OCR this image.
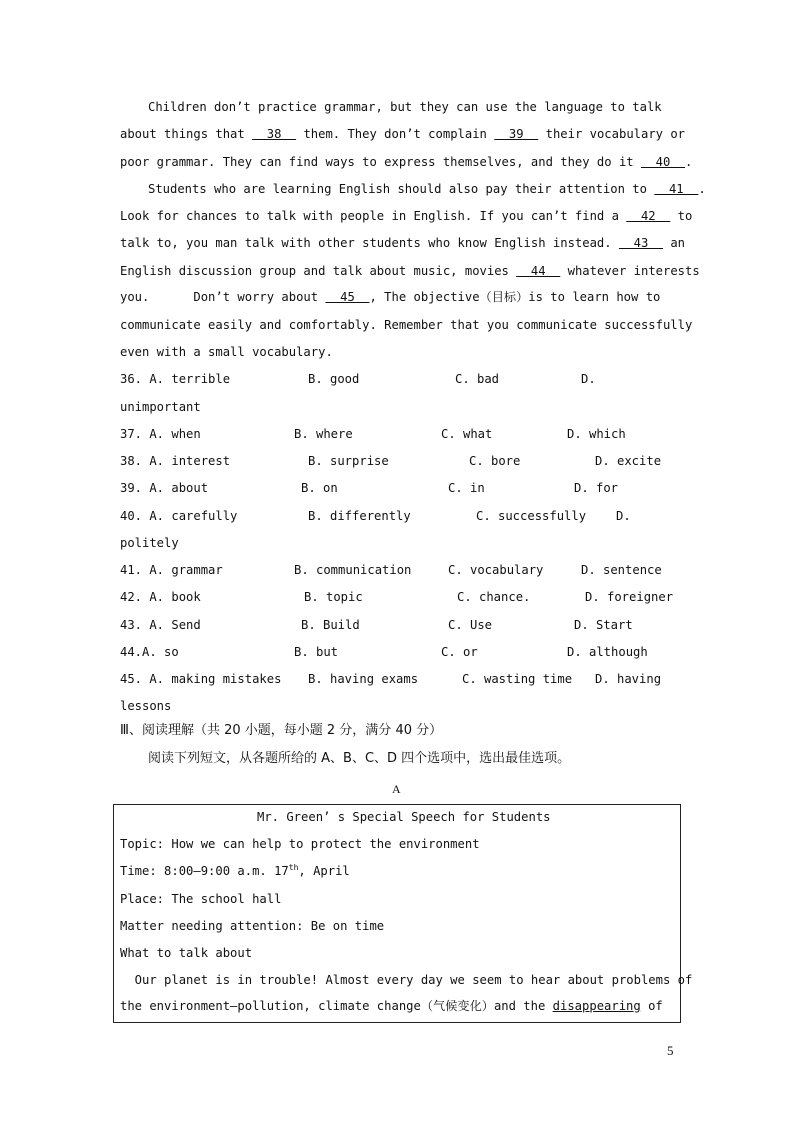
Children don’t practice grammar, but they can use the language to talk
about things that   38   them. They don’t complain   39   their vocabulary or
poor grammar. They can find ways to express themselves, and they do it   40  .
Students who are learning English should also pay their attention to   41  .
Look for chances to talk with people in English. If you can’t find a   42   to
talk to, you man talk with other students who know English instead.   43   an
English discussion group and talk about music, movies   44   whatever interests
you.      Don’t worry about   45  , The objective（目标）is to learn how to
communicate easily and comfortably. Remember that you communicate successfully
even with a small vocabulary.
36. A. terrible	B. good	C. bad	D.
unimportant
37. A. when	B. where	C. what	D. which
38. A. interest	B. surprise	C. bore	D. excite
39. A. about	B. on	C. in	D. for
40. A. carefully	B. differently	C. successfully D.
politely
41. A. grammar	B. communication	C. vocabulary	D. sentence
42. A. book	B. topic	C. chance.	D. foreigner
43. A. Send	B. Build	C. Use	D. Start
44.A. so	B. but	C. or	D. although
45. A. making mistakes B. having exams	C. wasting time D. having
lessons
Ⅲ、阅读理解（共 20 小题，每小题 2 分，满分 40 分）
阅读下列短文，从各题所给的 A、B、C、D 四个选项中，选出最佳选项。
A
Mr. Green’ s Special Speech for Students
Topic: How we can help to protect the environment
Time: 8:00—9:00 a.m. 17th, April
Place: The school hall
Matter needing attention: Be on time
What to talk about
Our planet is in trouble! Almost every day we seem to hear about problems of
the environment—pollution, climate change（气候变化）and the disappearing of
5
